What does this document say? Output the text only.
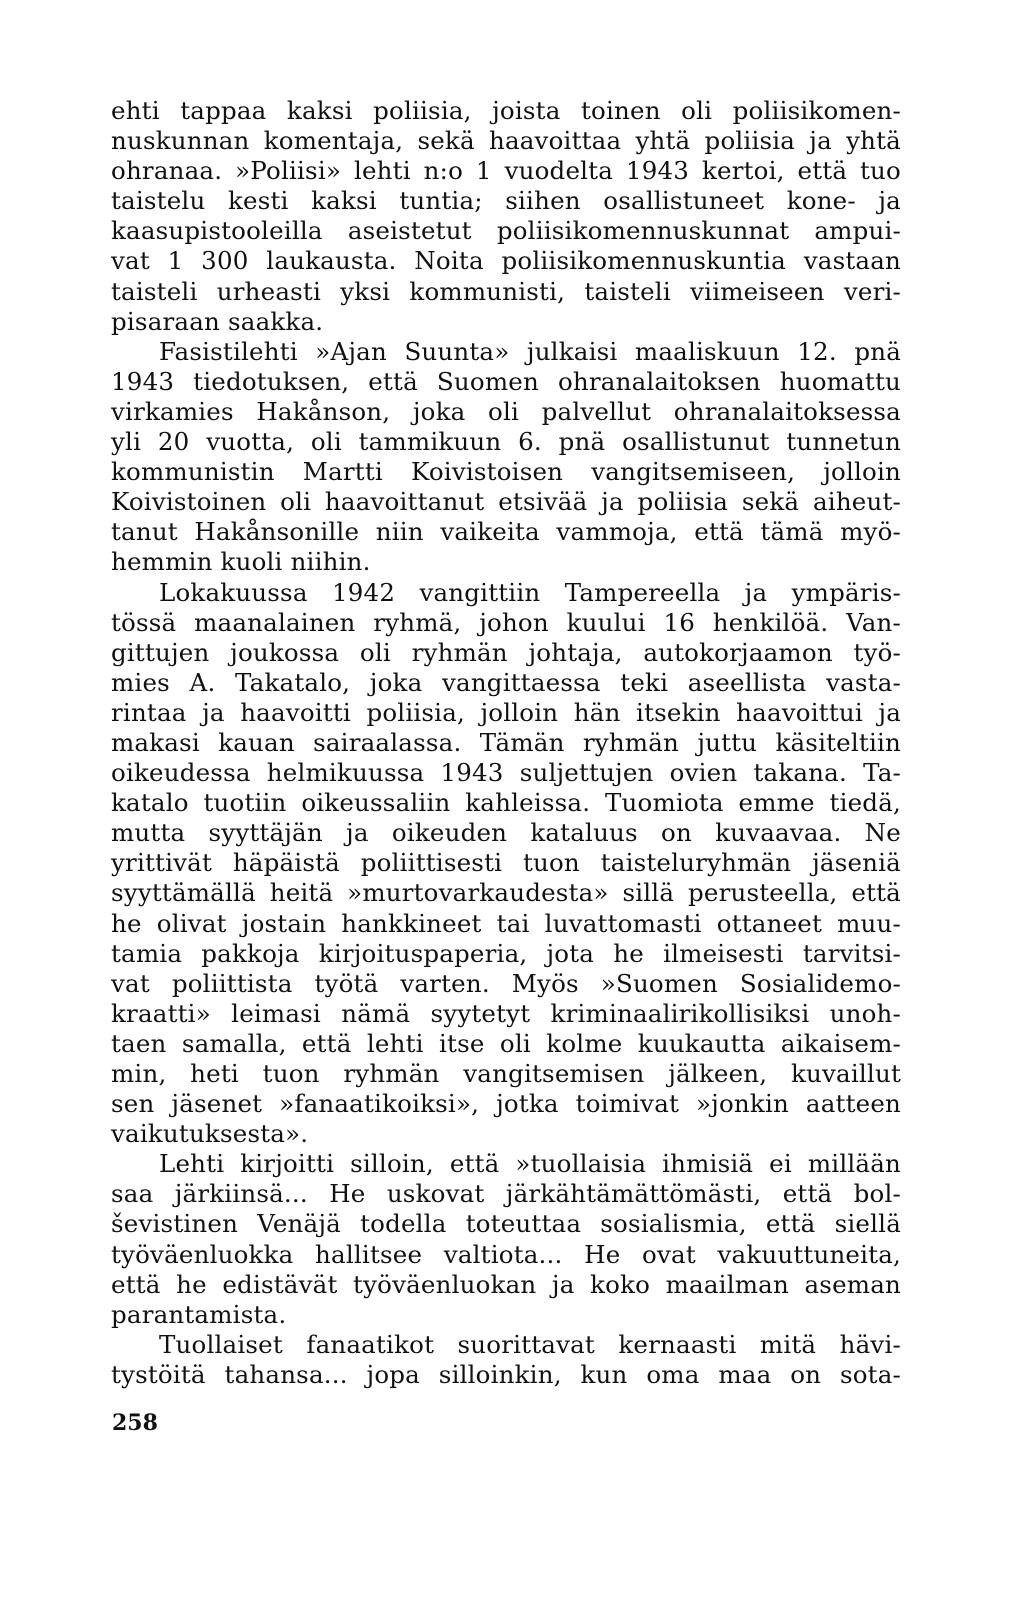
ehti tappaa kaksi poliisia, joista toinen oli poliisikomen-
nuskunnan komentaja, sekä haavoittaa yhtä poliisia ja yhtä
ohranaa. »Poliisi» lehti n:o 1 vuodelta 1943 kertoi, että tuo
taistelu kesti kaksi tuntia; siihen osallistuneet kone- ja
kaasupistooleilla aseistetut poliisikomennuskunnat ampui-
vat 1 300 laukausta. Noita poliisikomennuskuntia vastaan
taisteli urheasti yksi kommunisti, taisteli viimeiseen veri-
pisaraan saakka.
Fasistilehti »Ajan Suunta» julkaisi maaliskuun 12. pnä
1943 tiedotuksen, että Suomen ohranalaitoksen huomattu
virkamies Hakånson, joka oli palvellut ohranalaitoksessa
yli 20 vuotta, oli tammikuun 6. pnä osallistunut tunnetun
kommunistin Martti Koivistoisen vangitsemiseen, jolloin
Koivistoinen oli haavoittanut etsivää ja poliisia sekä aiheut-
tanut Hakånsonille niin vaikeita vammoja, että tämä myö-
hemmin kuoli niihin.
Lokakuussa 1942 vangittiin Tampereella ja ympäris-
tössä maanalainen ryhmä, johon kuului 16 henkilöä. Van-
gittujen joukossa oli ryhmän johtaja, autokorjaamon työ-
mies A. Takatalo, joka vangittaessa teki aseellista vasta-
rintaa ja haavoitti poliisia, jolloin hän itsekin haavoittui ja
makasi kauan sairaalassa. Tämän ryhmän juttu käsiteltiin
oikeudessa helmikuussa 1943 suljettujen ovien takana. Ta-
katalo tuotiin oikeussaliin kahleissa. Tuomiota emme tiedä,
mutta syyttäjän ja oikeuden kataluus on kuvaavaa. Ne
yrittivät häpäistä poliittisesti tuon taisteluryhmän jäseniä
syyttämällä heitä »murtovarkaudesta» sillä perusteella, että
he olivat jostain hankkineet tai luvattomasti ottaneet muu-
tamia pakkoja kirjoituspaperia, jota he ilmeisesti tarvitsi-
vat poliittista työtä varten. Myös »Suomen Sosialidemo-
kraatti» leimasi nämä syytetyt kriminaalirikollisiksi unoh-
taen samalla, että lehti itse oli kolme kuukautta aikaisem-
min, heti tuon ryhmän vangitsemisen jälkeen, kuvaillut
sen jäsenet »fanaatikoiksi», jotka toimivat »jonkin aatteen
vaikutuksesta».
Lehti kirjoitti silloin, että »tuollaisia ihmisiä ei millään
saa järkiinsä... He uskovat järkähtämättömästi, että bol-
ševistinen Venäjä todella toteuttaa sosialismia, että siellä
työväenluokka hallitsee valtiota... He ovat vakuuttuneita,
että he edistävät työväenluokan ja koko maailman aseman
parantamista.
Tuollaiset fanaatikot suorittavat kernaasti mitä hävi-
tystöitä tahansa... jopa silloinkin, kun oma maa on sota-
258
